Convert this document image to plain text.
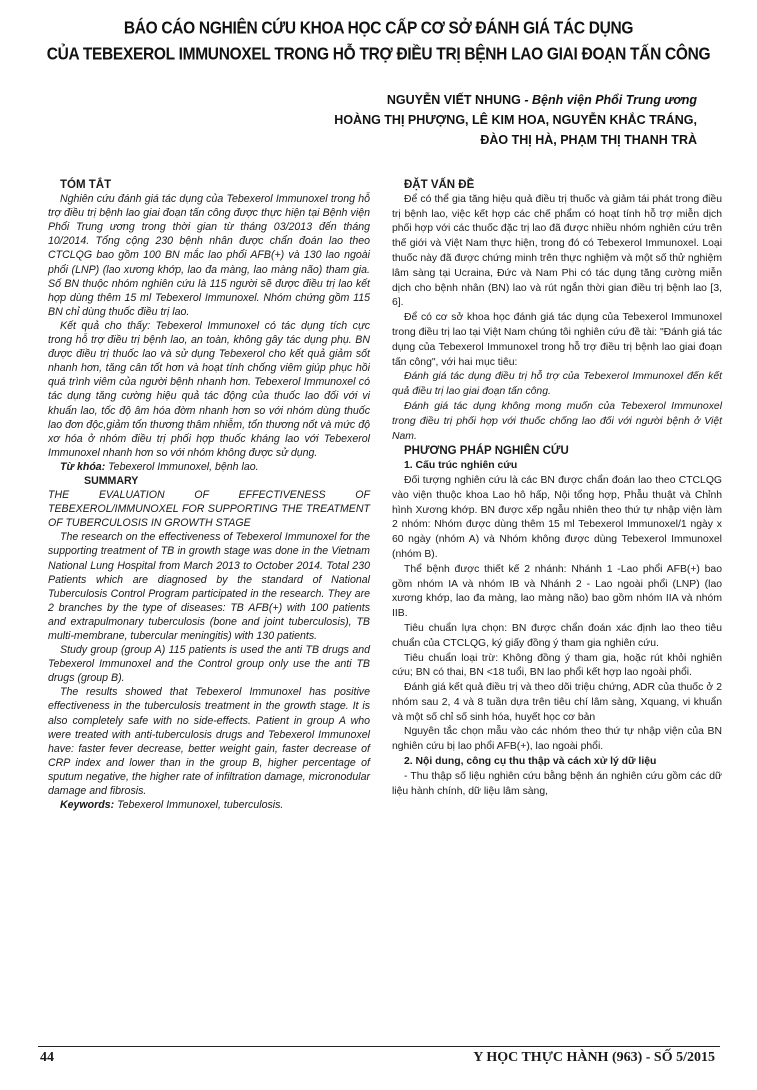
BÁO CÁO NGHIÊN CỨU KHOA HỌC CẤP CƠ SỞ ĐÁNH GIÁ TÁC DỤNG
CỦA TEBEXEROL IMMUNOXEL TRONG HỖ TRỢ ĐIỀU TRỊ BỆNH LAO GIAI ĐOẠN TẤN CÔNG
NGUYỄN VIẾT NHUNG - Bệnh viện Phổi Trung ương
HOÀNG THỊ PHƯỢNG, LÊ KIM HOA, NGUYỄN KHẮC TRÁNG,
ĐÀO THỊ HÀ, PHẠM THỊ THANH TRÀ

TÓM TẮT

Nghiên cứu đánh giá tác dụng của Tebexerol Immunoxel trong hỗ trợ điều trị bệnh lao giai đoạn tấn công được thực hiện tại Bệnh viện Phổi Trung ương trong thời gian từ tháng 03/2013 đến tháng 10/2014. Tổng cộng 230 bệnh nhân được chẩn đoán lao theo CTCLQG bao gồm 100 BN mắc lao phổi AFB(+) và 130 lao ngoài phổi (LNP) (lao xương khớp, lao đa màng, lao màng não) tham gia. Số BN thuộc nhóm nghiên cứu là 115 người sẽ được điều trị lao kết hợp dùng thêm 15 ml Tebexerol Immunoxel. Nhóm chứng gồm 115 BN chỉ dùng thuốc điều trị lao.

Kết quả cho thấy: Tebexerol Immunoxel có tác dụng tích cực trong hỗ trợ điều trị bệnh lao, an toàn, không gây tác dụng phụ. BN được điều trị thuốc lao và sử dụng Tebexerol cho kết quả giảm sốt nhanh hơn, tăng cân tốt hơn và hoạt tính chống viêm giúp phục hồi quá trình viêm của người bệnh nhanh hơn. Tebexerol Immunoxel có tác dụng tăng cường hiệu quả tác động của thuốc lao đối với vi khuẩn lao, tốc độ âm hóa đờm nhanh hơn so với nhóm dùng thuốc lao đơn độc,giảm tổn thương thâm nhiễm, tổn thương nốt và mức độ xơ hóa ở nhóm điều trị phối hợp thuốc kháng lao với Tebexerol Immunoxel nhanh hơn so với nhóm không được sử dụng.

Từ khóa: Tebexerol Immunoxel, bệnh lao.

SUMMARY

THE EVALUATION OF EFFECTIVENESS OF TEBEXEROL/IMMUNOXEL FOR SUPPORTING THE TREATMENT OF TUBERCULOSIS IN GROWTH STAGE

The research on the effectiveness of Tebexerol Immunoxel for the supporting treatment of TB in growth stage was done in the Vietnam National Lung Hospital from March 2013 to October 2014. Total 230 Patients which are diagnosed by the standard of National Tuberculosis Control Program participated in the research. They are 2 branches by the type of diseases: TB AFB(+) with 100 patients and extrapulmonary tuberculosis (bone and joint tuberculosis), TB multi-membrane, tubercular meningitis) with 130 patients.

Study group (group A) 115 patients is used the anti TB drugs and Tebexerol Immunoxel and the Control group only use the anti TB drugs (group B).

The results showed that Tebexerol Immunoxel has positive effectiveness in the tuberculosis treatment in the growth stage. It is also completely safe with no side-effects. Patient in group A who were treated with anti-tuberculosis drugs and Tebexerol Immunoxel have: faster fever decrease, better weight gain, faster decrease of CRP index and lower than in the group B, higher percentage of sputum negative, the higher rate of infiltration damage, micronodular damage and fibrosis.

Keywords: Tebexerol Immunoxel, tuberculosis.

ĐẶT VẤN ĐỀ

Để có thể gia tăng hiệu quả điều trị thuốc và giảm tái phát trong điều trị bệnh lao, việc kết hợp các chế phẩm có hoạt tính hỗ trợ miễn dịch phối hợp với các thuốc đặc trị lao đã được nhiều nhóm nghiên cứu trên thế giới và Việt Nam thực hiện, trong đó có Tebexerol Immunoxel. Loại thuốc này đã được chứng minh trên thực nghiệm và một số thử nghiệm lâm sàng tại Ucraina, Đức và Nam Phi có tác dụng tăng cường miễn dịch cho bệnh nhân (BN) lao và rút ngắn thời gian điều trị bệnh lao [3, 6].

Để có cơ sở khoa học đánh giá tác dụng của Tebexerol Immunoxel trong điều trị lao tại Việt Nam chúng tôi nghiên cứu đề tài: "Đánh giá tác dụng của Tebexerol Immunoxel trong hỗ trợ điều trị bệnh lao giai đoạn tấn công", với hai mục tiêu:

Đánh giá tác dụng điều trị hỗ trợ của Tebexerol Immunoxel đến kết quả điều trị lao giai đoạn tấn công.

Đánh giá tác dụng không mong muốn của Tebexerol Immunoxel trong điều trị phối hợp với thuốc chống lao đối với người bệnh ở Việt Nam.

PHƯƠNG PHÁP NGHIÊN CỨU

1. Cấu trúc nghiên cứu

Đối tượng nghiên cứu là các BN được chẩn đoán lao theo CTCLQG vào viện thuộc khoa Lao hô hấp, Nội tổng hợp, Phẫu thuật và Chỉnh hình Xương khớp. BN được xếp ngẫu nhiên theo thứ tự nhập viện làm 2 nhóm: Nhóm được dùng thêm 15 ml Tebexerol Immunoxel/1 ngày x 60 ngày (nhóm A) và Nhóm không được dùng Tebexerol Immunoxel (nhóm B).

Thể bệnh được thiết kế 2 nhánh: Nhánh 1 -Lao phổi AFB(+) bao gồm nhóm IA và nhóm IB và Nhánh 2 - Lao ngoài phổi (LNP) (lao xương khớp, lao đa màng, lao màng não) bao gồm nhóm IIA và nhóm IIB.

Tiêu chuẩn lựa chọn: BN được chẩn đoán xác định lao theo tiêu chuẩn của CTCLQG, ký giấy đồng ý tham gia nghiên cứu.

Tiêu chuẩn loại trừ: Không đồng ý tham gia, hoặc rút khỏi nghiên cứu; BN có thai, BN <18 tuổi, BN lao phổi kết hợp lao ngoài phổi.

Đánh giá kết quả điều trị và theo dõi triệu chứng, ADR của thuốc ở 2 nhóm sau 2, 4 và 8 tuần dựa trên tiêu chí lâm sàng, Xquang, vi khuẩn và một số chỉ số sinh hóa, huyết học cơ bản

Nguyên tắc chọn mẫu vào các nhóm theo thứ tự nhập viện của BN nghiên cứu bị lao phổi AFB(+), lao ngoài phổi.

2. Nội dung, công cụ thu thập và cách xử lý dữ liệu

- Thu thập số liệu nghiên cứu bằng bệnh án nghiên cứu gồm các dữ liệu hành chính, dữ liệu lâm sàng,

44	Y HỌC THỰC HÀNH (963) - SỐ 5/2015
